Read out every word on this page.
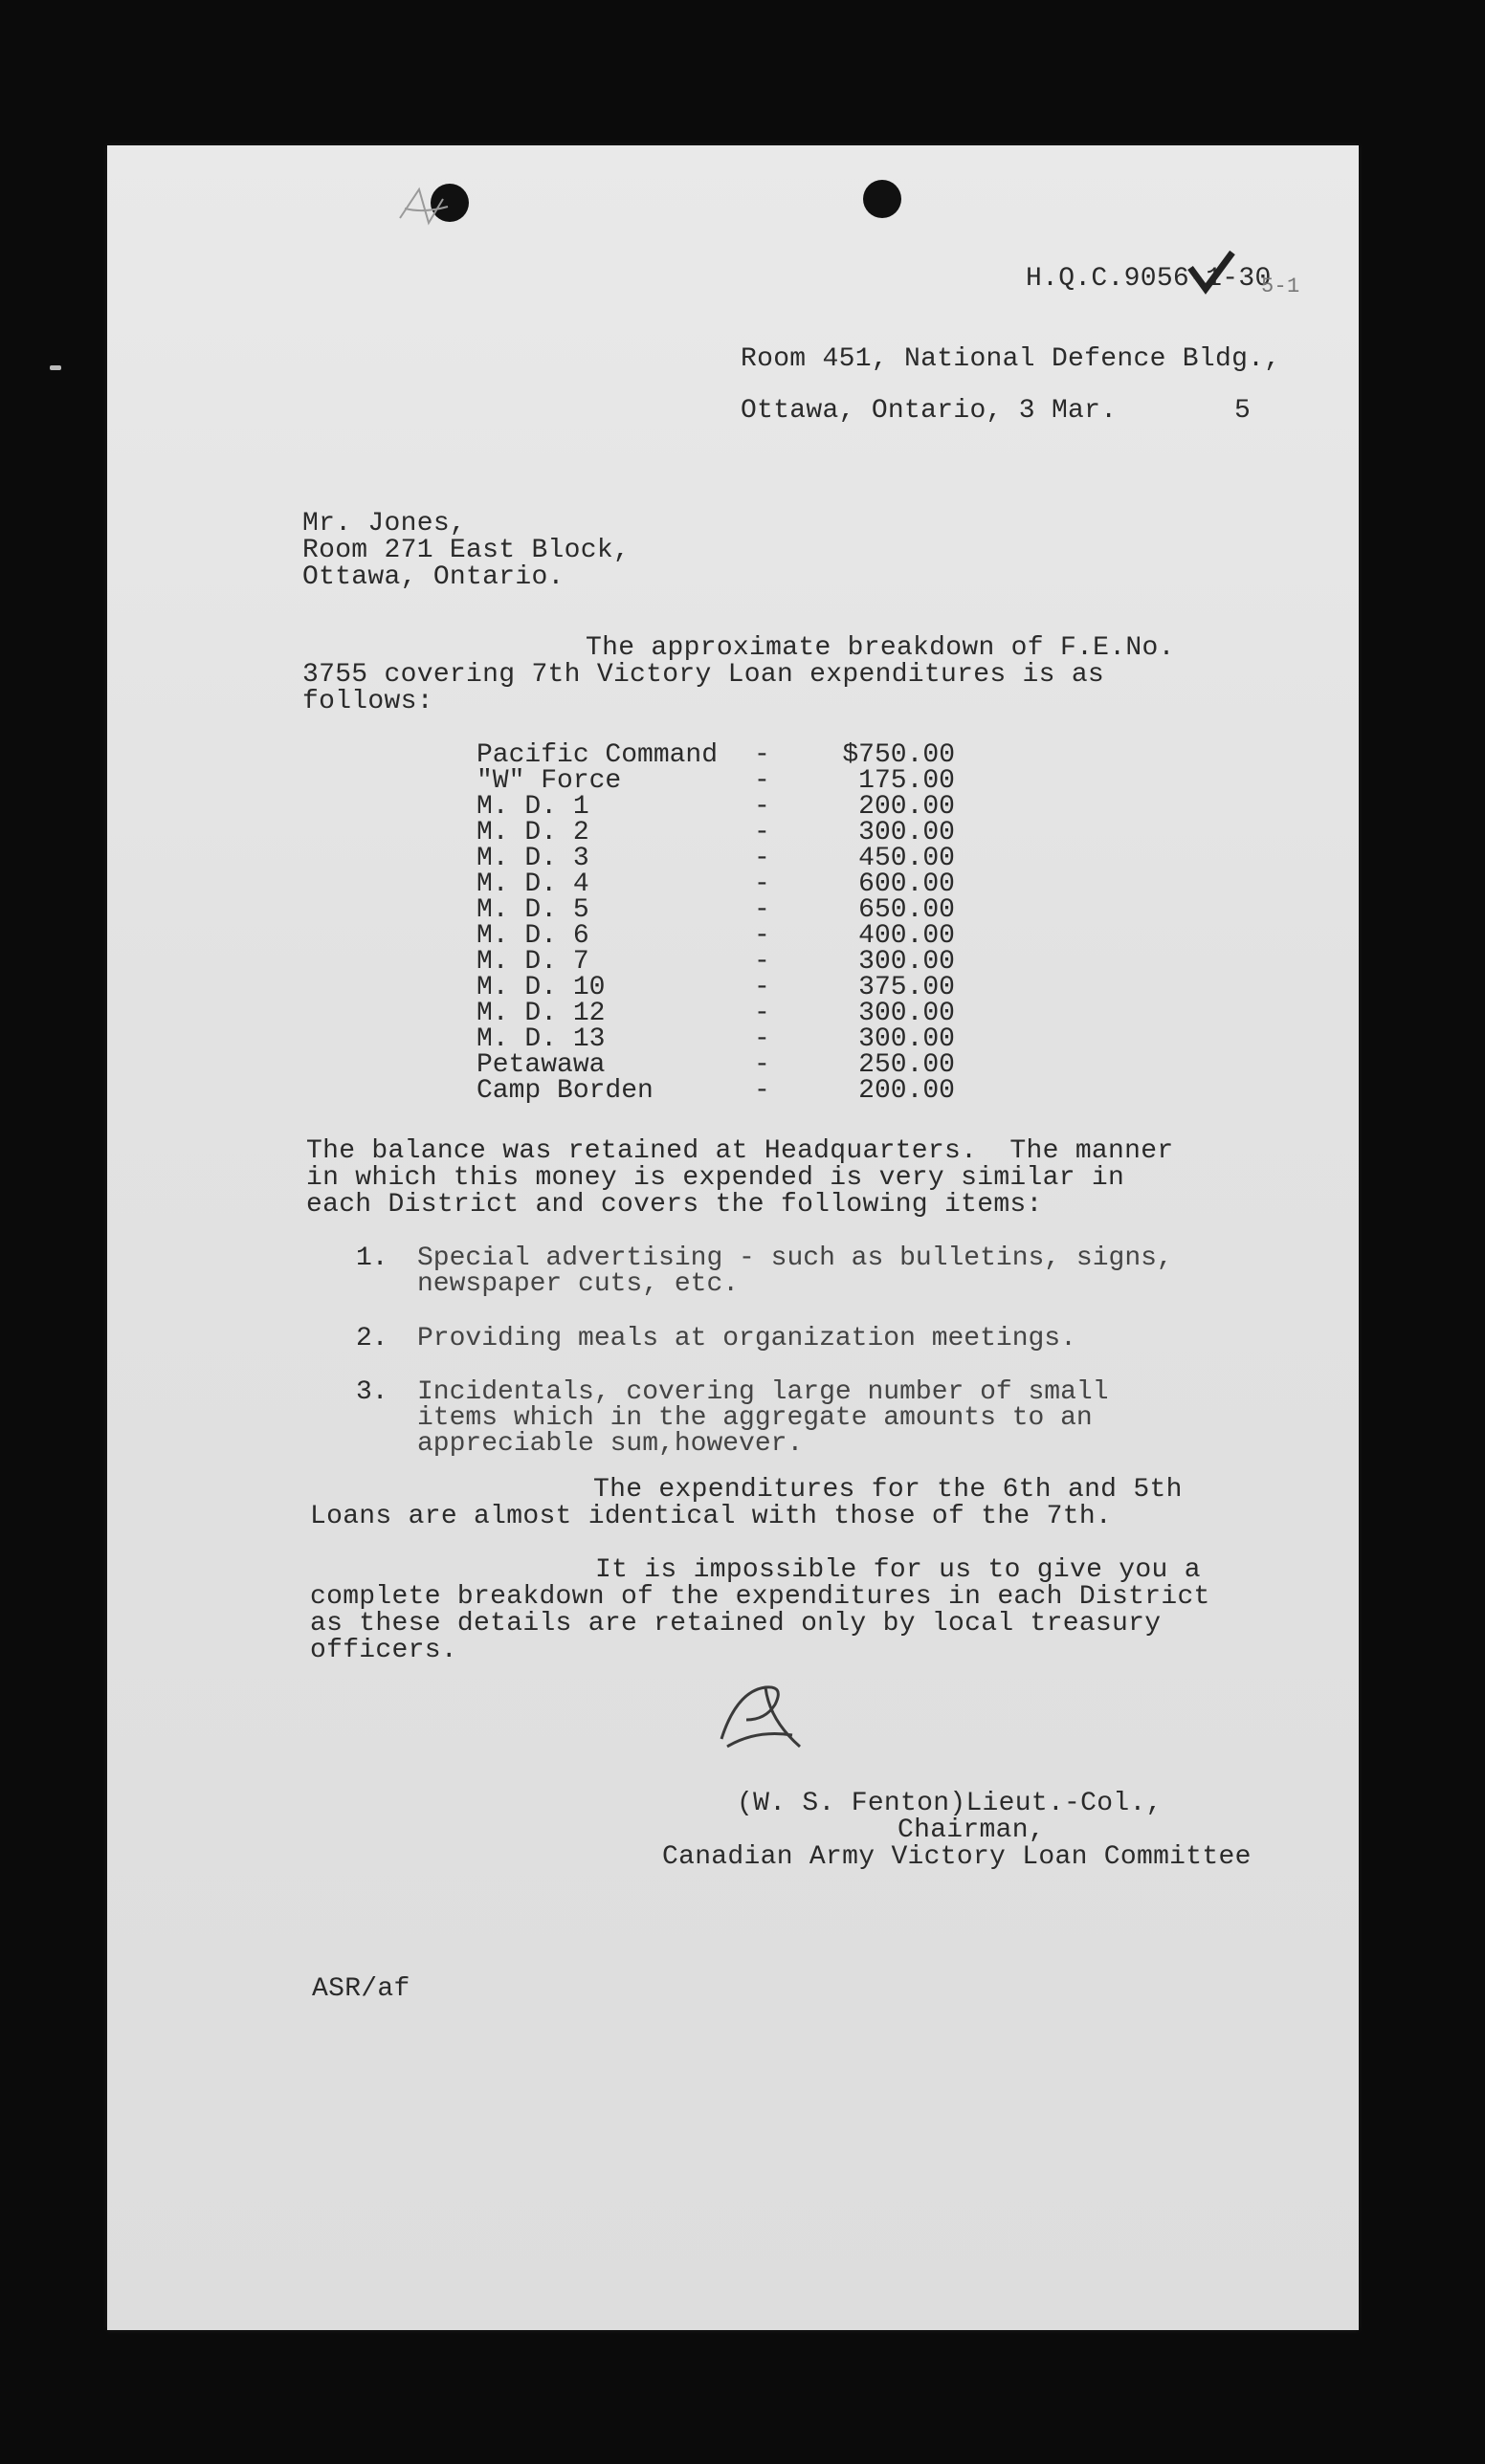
H.Q.C.9056-1-30
5-1
Room 451, National Defence Bldg.,
Ottawa, Ontario, 3 Mar.	5
Mr. Jones,
Room 271 East Block,
Ottawa, Ontario.
The approximate breakdown of F.E.No.
3755 covering 7th Victory Loan expenditures is as
follows:
Pacific Command	-	$750.00
"W" Force	-	175.00
M. D. 1	-	200.00
M. D. 2	-	300.00
M. D. 3	-	450.00
M. D. 4	-	600.00
M. D. 5	-	650.00
M. D. 6	-	400.00
M. D. 7	-	300.00
M. D. 10	-	375.00
M. D. 12	-	300.00
M. D. 13	-	300.00
Petawawa	-	250.00
Camp Borden	-	200.00
The balance was retained at Headquarters.  The manner
in which this money is expended is very similar in
each District and covers the following items:
1. Special advertising - such as bulletins, signs,
newspaper cuts, etc.
2. Providing meals at organization meetings.
3. Incidentals, covering large number of small
items which in the aggregate amounts to an
appreciable sum,however.
The expenditures for the 6th and 5th
Loans are almost identical with those of the 7th.
It is impossible for us to give you a
complete breakdown of the expenditures in each District
as these details are retained only by local treasury
officers.
(W. S. Fenton)Lieut.-Col.,
Chairman,
Canadian Army Victory Loan Committee
ASR/af
